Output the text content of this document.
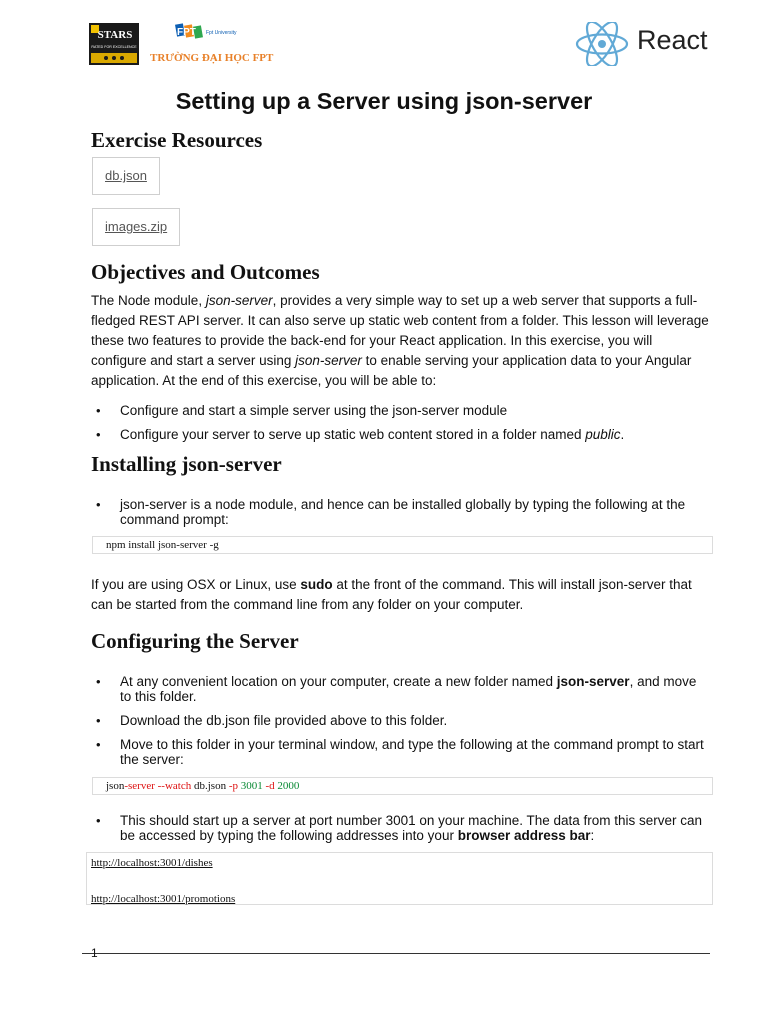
STARS
RATED FOR EXCELLENCE
FPT Fpt University
TRƯỜNG ĐẠI HỌC FPT
React
Setting up a Server using json-server
Exercise Resources
db.json
images.zip
Objectives and Outcomes

The Node module, json-server, provides a very simple way to set up a web server that supports a full-fledged REST API server. It can also serve up static web content from a folder. This lesson will leverage these two features to provide the back-end for your React application. In this exercise, you will configure and start a server using json-server to enable serving your application data to your Angular application. At the end of this exercise, you will be able to:

• Configure and start a simple server using the json-server module
• Configure your server to serve up static web content stored in a folder named public.
Installing json-server
• json-server is a node module, and hence can be installed globally by typing the following at the command prompt:
npm install json-server -g

If you are using OSX or Linux, use sudo at the front of the command. This will install json-server that can be started from the command line from any folder on your computer.

Configuring the Server
• At any convenient location on your computer, create a new folder named json-server, and move to this folder.
• Download the db.json file provided above to this folder.
• Move to this folder in your terminal window, and type the following at the command prompt to start the server:
json-server --watch db.json -p 3001 -d 2000
• This should start up a server at port number 3001 on your machine. The data from this server can be accessed by typing the following addresses into your browser address bar:
http://localhost:3001/dishes
http://localhost:3001/promotions
1
